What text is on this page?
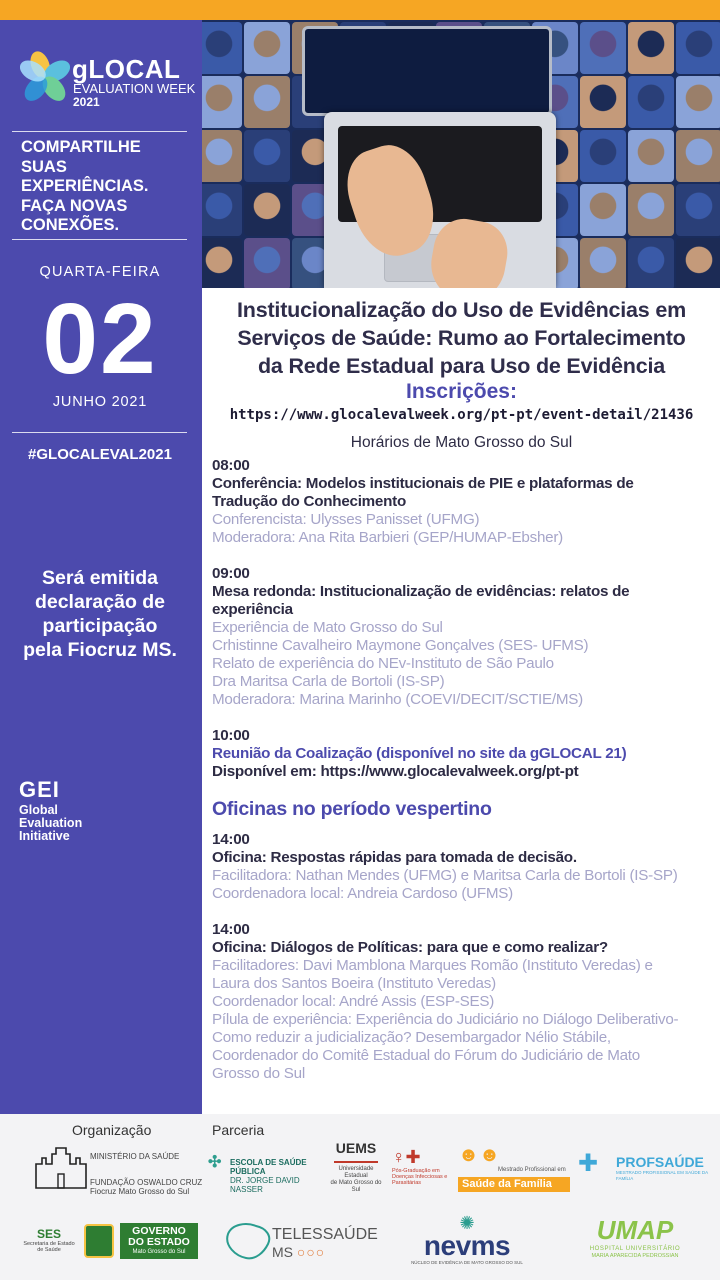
gLOCAL
EVALUATION WEEK
2021
COMPARTILHE
SUAS
EXPERIÊNCIAS.
FAÇA NOVAS
CONEXÕES.
QUARTA-FEIRA
02
JUNHO 2021
#GLOCALEVAL2021
Será emitida
declaração de
participação
pela Fiocruz MS.
GEI
Global
Evaluation
Initiative
Institucionalização do Uso de Evidências em
Serviços de Saúde: Rumo ao Fortalecimento
da Rede Estadual para Uso de Evidência
Inscrições:
https://www.glocalevalweek.org/pt-pt/event-detail/21436
Horários de Mato Grosso do Sul
08:00
Conferência: Modelos institucionais de PIE e plataformas de
Tradução do Conhecimento
Conferencista: Ulysses Panisset (UFMG)
Moderadora: Ana Rita Barbieri (GEP/HUMAP-Ebsher)
09:00
Mesa redonda: Institucionalização de evidências: relatos de
experiência
Experiência de Mato Grosso do Sul
Crhistinne Cavalheiro Maymone Gonçalves (SES- UFMS)
Relato de experiência do NEv-Instituto de São Paulo
Dra Maritsa Carla de Bortoli (IS-SP)
Moderadora: Marina Marinho (COEVI/DECIT/SCTIE/MS)
10:00
Reunião da Coalização (disponível no site da gGLOCAL 21)
Disponível em: https://www.glocalevalweek.org/pt-pt
Oficinas no período vespertino
14:00
Oficina: Respostas rápidas para tomada de decisão.
Facilitadora: Nathan Mendes (UFMG) e Maritsa Carla de Bortoli (IS-SP)
Coordenadora local: Andreia Cardoso (UFMS)
14:00
Oficina: Diálogos de Políticas: para que e como realizar?
Facilitadores: Davi Mamblona Marques Romão (Instituto Veredas) e
Laura dos Santos Boeira (Instituto Veredas)
Coordenador local: André Assis (ESP-SES)
Pílula de experiência: Experiência do Judiciário no Diálogo Deliberativo-
Como reduzir a judicialização? Desembargador Nélio Stábile,
Coordenador do Comitê Estadual do Fórum do Judiciário de Mato
Grosso do Sul
Organização	Parceria
MINISTÉRIO DA SAÚDE
FUNDAÇÃO OSWALDO CRUZ
Fiocruz Mato Grosso do Sul
✣ ESCOLA DE SAÚDE PÚBLICA
DR. JORGE DAVID NASSER
UEMS
Universidade Estadual
de Mato Grosso do Sul
♀✚
Pós-Graduação em
Doenças Infecciosas e Parasitárias
☻☻
Mestrado Profissional em
Saúde da Família
✚ PROFSAÚDE
MESTRADO PROFISSIONAL EM SAÚDE DA FAMÍLIA
SES
Secretaria de Estado
de Saúde
GOVERNO
DO ESTADO
Mato Grosso do Sul
TELESSAÚDE
MS ○○○
✺
nevms
NÚCLEO DE EVIDÊNCIA DE MATO GROSSO DO SUL
UMAP
HOSPITAL UNIVERSITÁRIO
MARIA APARECIDA PEDROSSIAN
